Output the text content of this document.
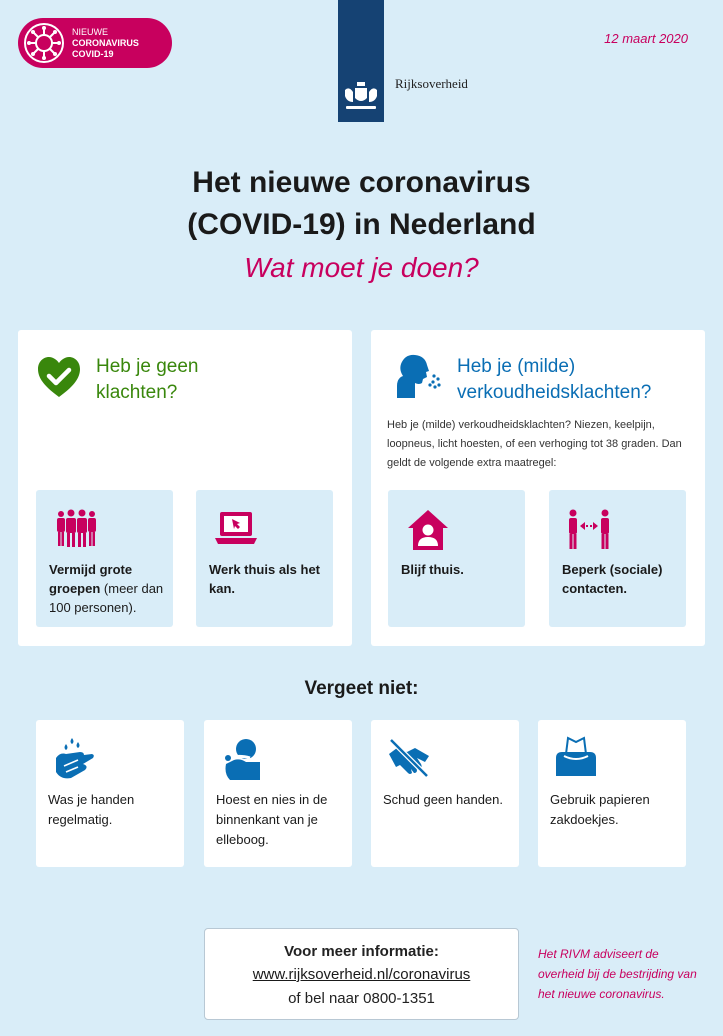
NIEUWE
CORONAVIRUS
COVID-19
12 maart 2020
Rijksoverheid
Het nieuwe coronavirus
(COVID-19) in Nederland
Wat moet je doen?
Heb je geen
klachten?
Vermijd grote groepen (meer dan 100 personen).
Werk thuis als het kan.
Heb je (milde)
verkoudheidsklachten?
Heb je (milde) verkoudheidsklachten? Niezen, keelpijn, loopneus, licht hoesten, of een verhoging tot 38 graden. Dan geldt de volgende extra maatregel:
Blijf thuis.	Beperk (sociale) contacten.
Vergeet niet:
Was je handen regelmatig.
Hoest en nies in de binnenkant van je elleboog.
Schud geen handen.	Gebruik papieren zakdoekjes.
Voor meer informatie:
www.rijksoverheid.nl/coronavirus
of bel naar 0800-1351
Het RIVM adviseert de overheid bij de bestrijding van het nieuwe coronavirus.
